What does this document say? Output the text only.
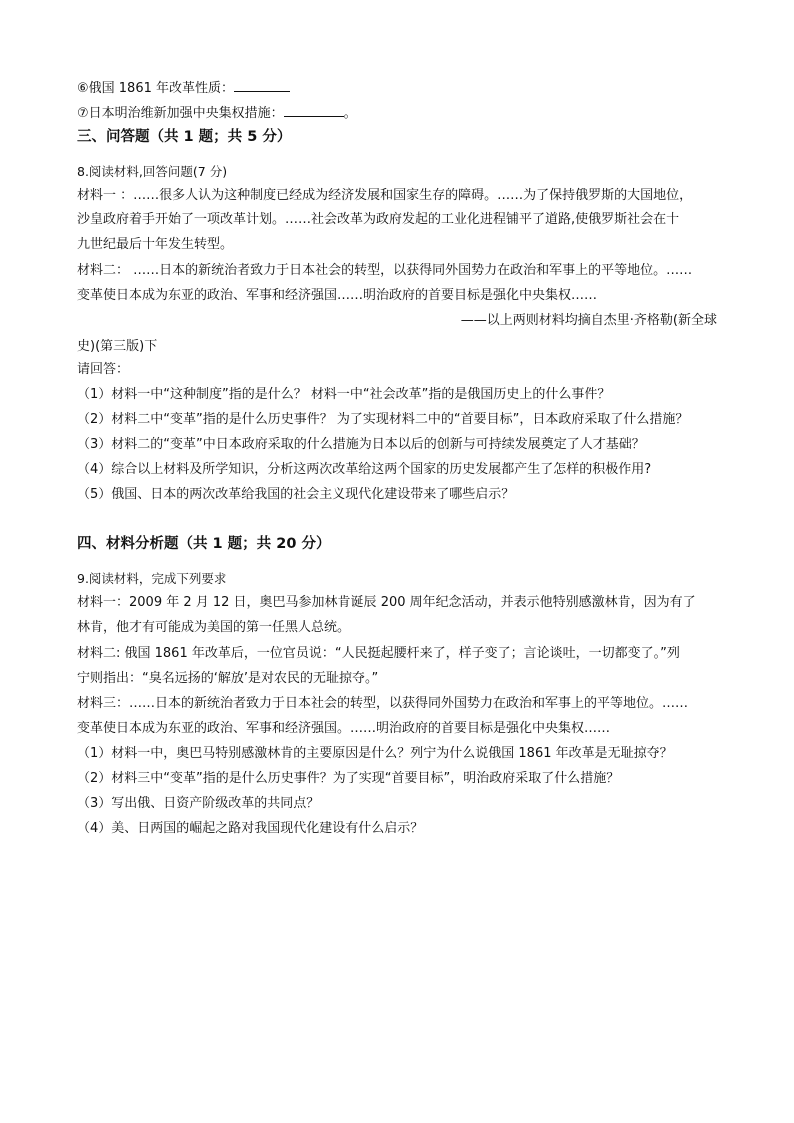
⑥俄国 1861 年改革性质：
⑦日本明治维新加强中央集权措施：	。
三、问答题（共 1 题；共 5 分）
8.阅读材料,回答问题(7 分)
材料一 ：……很多人认为这种制度已经成为经济发展和国家生存的障碍。……为了保持俄罗斯的大国地位，
沙皇政府着手开始了一项改革计划。……社会改革为政府发起的工业化进程铺平了道路,使俄罗斯社会在十
九世纪最后十年发生转型。
材料二： ……日本的新统治者致力于日本社会的转型，以获得同外国势力在政治和军事上的平等地位。……
变革使日本成为东亚的政治、军事和经济强国……明治政府的首要目标是强化中央集权……
——以上两则材料均摘自杰里·齐格勒(新全球
史)(第三版)下
请回答：
（1）材料一中“这种制度”指的是什么？ 材料一中“社会改革”指的是俄国历史上的什么事件？
（2）材料二中“变革”指的是什么历史事件？ 为了实现材料二中的“首要目标”，日本政府采取了什么措施？
（3）材料二的“变革”中日本政府采取的什么措施为日本以后的创新与可持续发展奠定了人才基础？
（4）综合以上材料及所学知识，分析这两次改革给这两个国家的历史发展都产生了怎样的积极作用?
（5）俄国、日本的两次改革给我国的社会主义现代化建设带来了哪些启示？
四、材料分析题（共 1 题；共 20 分）
9.阅读材料，完成下列要求
材料一：2009 年 2 月 12 日，奥巴马参加林肯诞辰 200 周年纪念活动，并表示他特别感激林肯，因为有了
林肯，他才有可能成为美国的第一任黑人总统。
材料二: 俄国 1861 年改革后，一位官员说：“人民挺起腰杆来了，样子变了；言论谈吐，一切都变了。”列
宁则指出：“臭名远扬的‘解放’是对农民的无耻掠夺。”
材料三：……日本的新统治者致力于日本社会的转型，以获得同外国势力在政治和军事上的平等地位。……
变革使日本成为东亚的政治、军事和经济强国。……明治政府的首要目标是强化中央集权……
（1）材料一中，奥巴马特别感激林肯的主要原因是什么？列宁为什么说俄国 1861 年改革是无耻掠夺？
（2）材料三中“变革”指的是什么历史事件？为了实现“首要目标”，明治政府采取了什么措施？
（3）写出俄、日资产阶级改革的共同点？
（4）美、日两国的崛起之路对我国现代化建设有什么启示？
